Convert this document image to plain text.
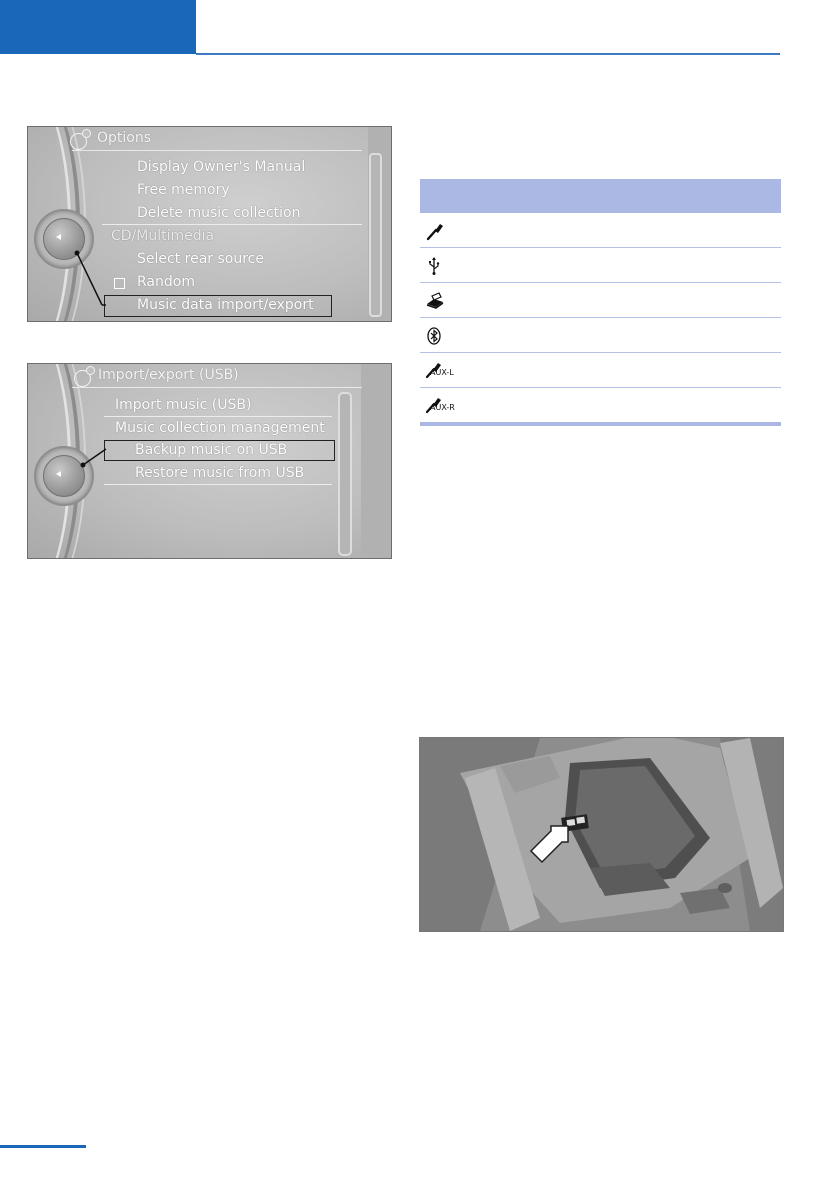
Options
Display Owner's Manual
Free memory
Delete music collection
CD/Multimedia
Select rear source
Random
Music data import/export
Import/export (USB)
Import music (USB)
Music collection management
Backup music on USB
Restore music from USB
AUX-L
AUX-R
